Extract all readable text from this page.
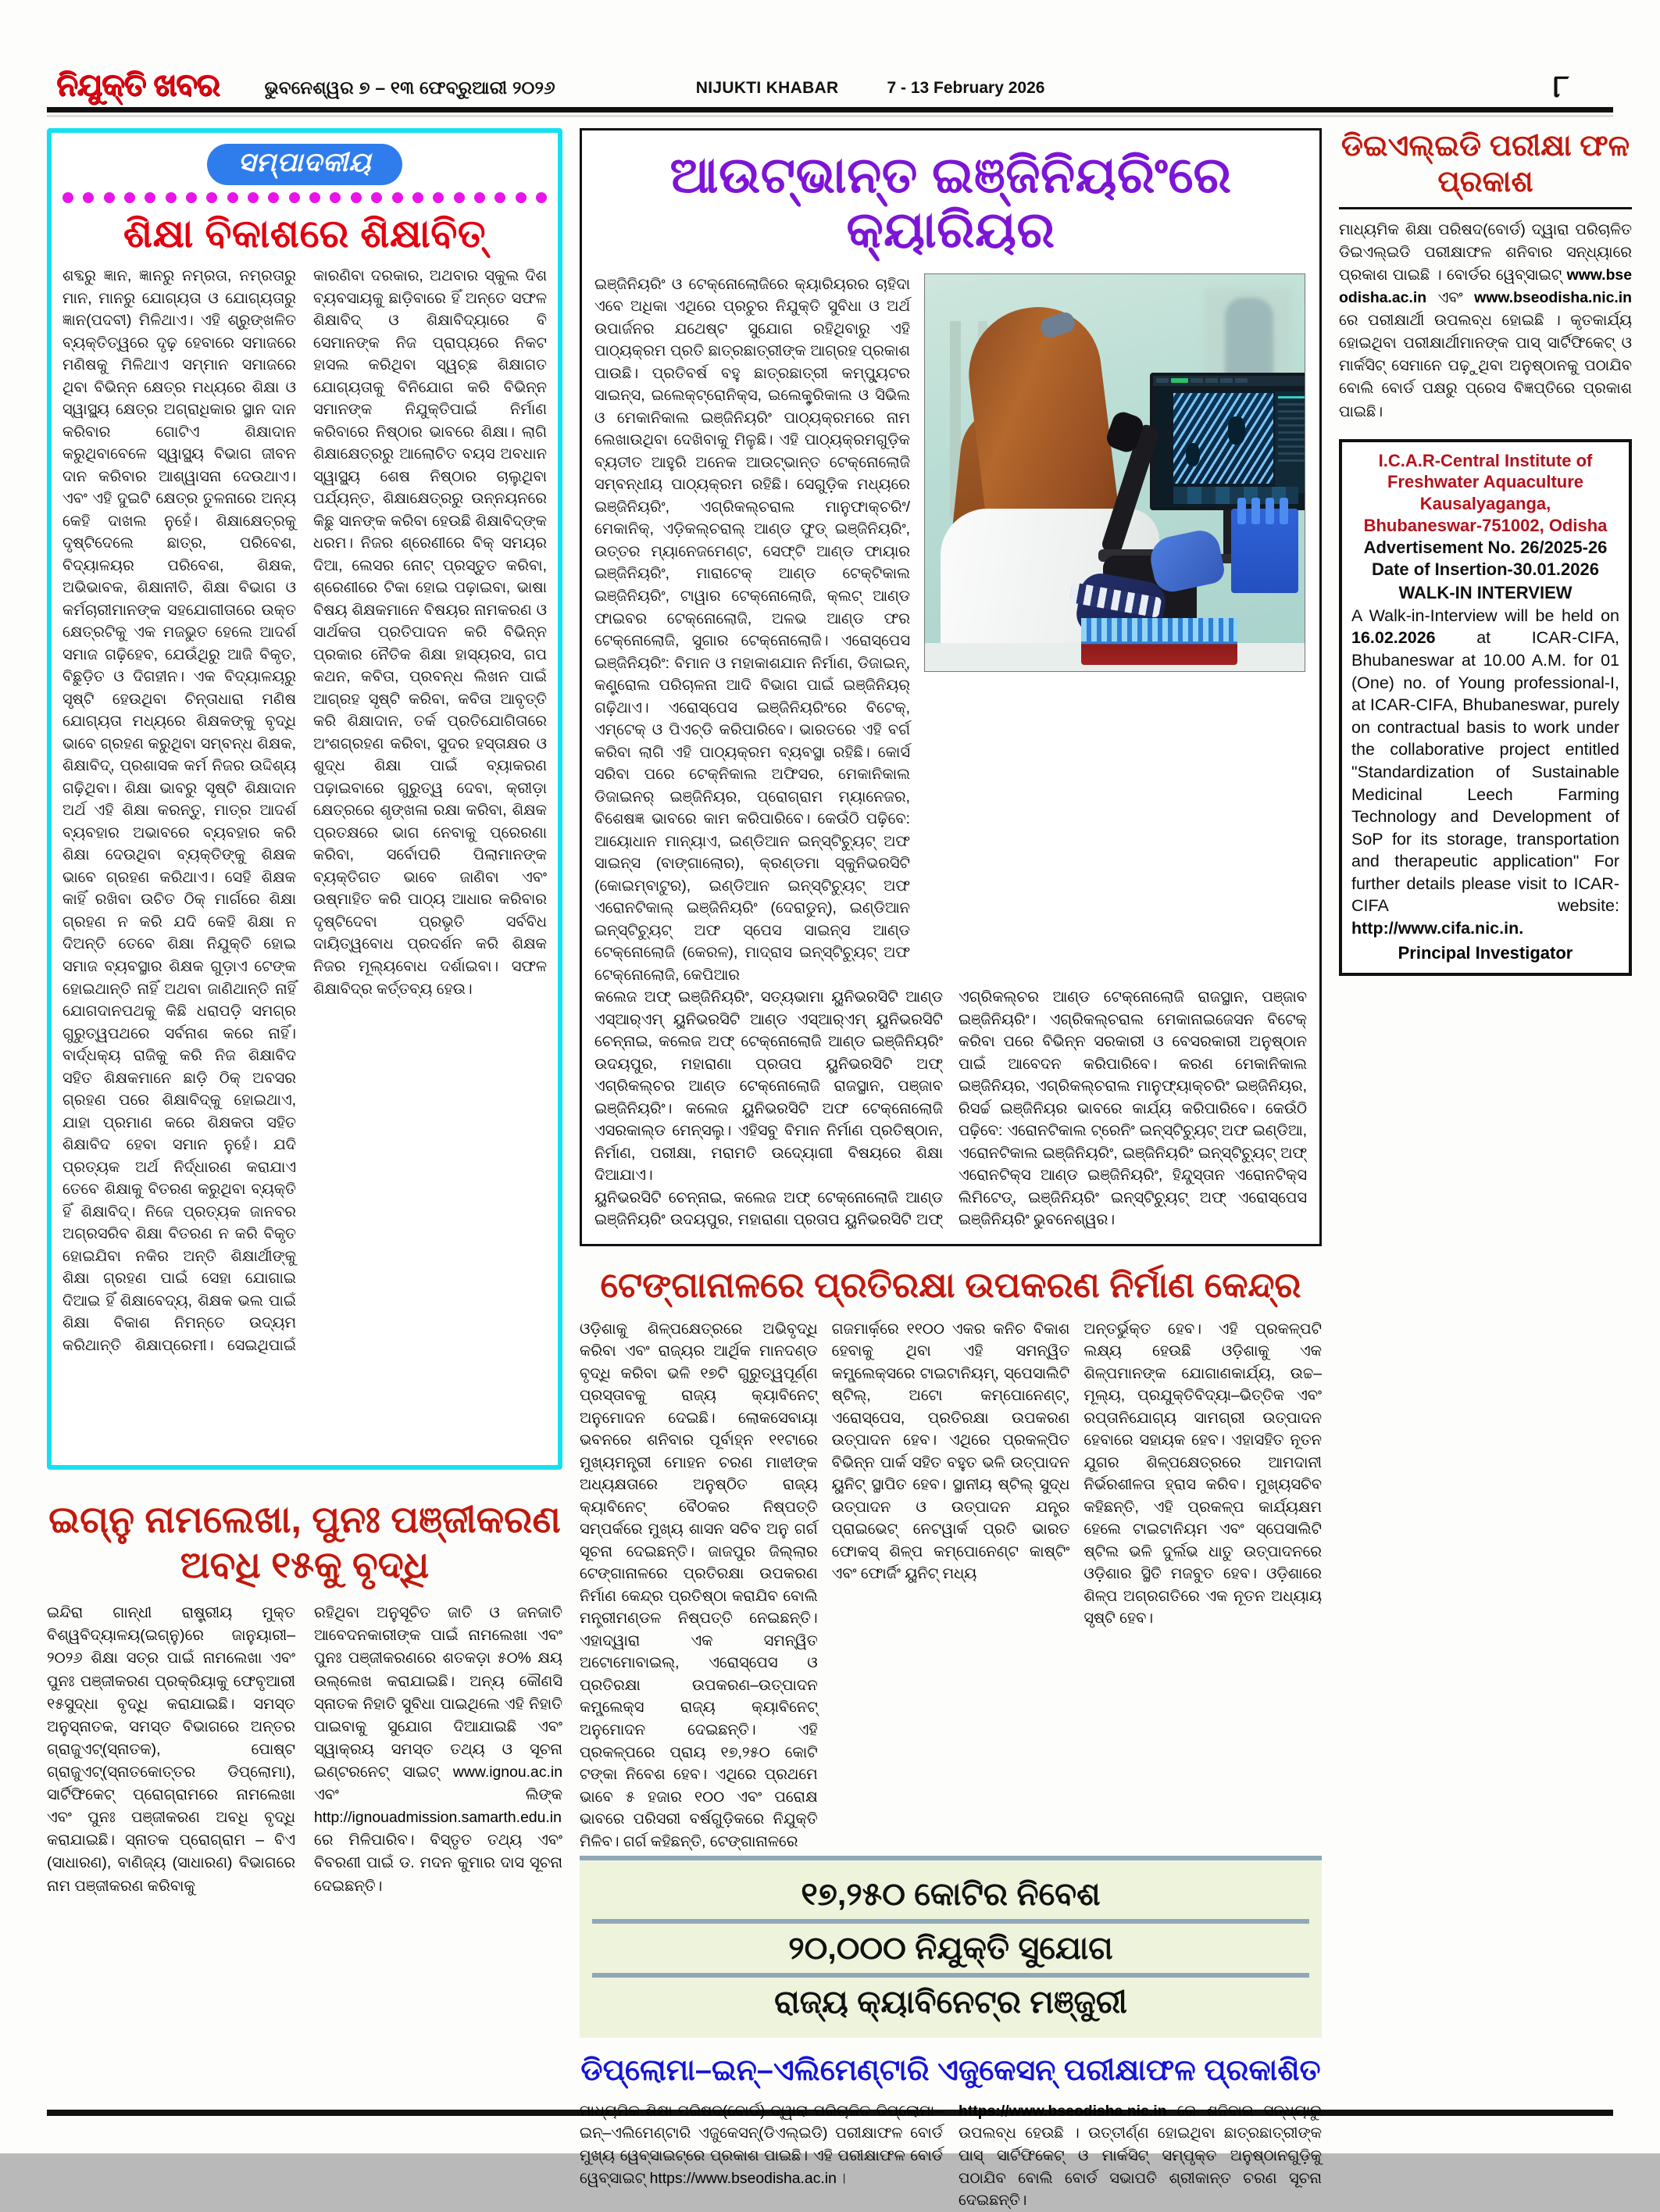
ନିଯୁକ୍ତି ଖବର	ଭୁବନେଶ୍ୱର ୭ – ୧୩ ଫେବ୍ରୁଆରୀ ୨୦୨୬	NIJUKTI KHABAR	7 - 13 February 2026	୮
ସମ୍ପାଦକୀୟ
ଶିକ୍ଷା ବିକାଶରେ ଶିକ୍ଷାବିତ୍

ଶବ୍ଦରୁ ଜ୍ଞାନ, ଜ୍ଞାନରୁ ନମ୍ରତା, ନମ୍ରତାରୁ ମାନ, ମାନରୁ ଯୋଗ୍ୟତା ଓ ଯୋଗ୍ୟତାରୁ ଜ୍ଞାନ(ପଦବୀ) ମିଳିଥାଏ। ଏହି ଶ୍ରୁଙ୍ଖଳିତ ବ୍ୟକ୍ତିତ୍ୱରେ ଦୃଢ଼ ହେବାରେ ସମାଜରେ ମଣିଷକୁ ମିଳିଥାଏ ସମ୍ମାନ ସମାଜରେ ଥିବା ବିଭିନ୍ନ କ୍ଷେତ୍ର ମଧ୍ୟରେ ଶିକ୍ଷା ଓ ସ୍ୱାସ୍ଥ୍ୟ କ୍ଷେତ୍ର ଅଗ୍ରାଧିକାର ସ୍ଥାନ ଦାନ କରିବାର ଗୋଟିଏ ଶିକ୍ଷାଦାନ କରୁଥିବାବେଳେ ସ୍ୱାସ୍ଥ୍ୟ ବିଭାଗ ଜୀବନ ଦାନ କରିବାର ଆଶ୍ୱାସନା ଦେଉଥାଏ। ଏବଂ ଏହି ଦୁଇଟି କ୍ଷେତ୍ର ତୁଳନାରେ ଅନ୍ୟ କେହି ଦାଖଲ ନୁହେଁ। ଶିକ୍ଷାକ୍ଷେତ୍ରକୁ ଦୃଷ୍ଟିଦେଲେ ଛାତ୍ର, ପରିବେଶ, ବିଦ୍ୟାଳୟର ପରିବେଶ, ଶିକ୍ଷକ, ଅଭିଭାବକ, ଶିକ୍ଷାନୀତି, ଶିକ୍ଷା ବିଭାଗ ଓ କର୍ମଚାରୀମାନଙ୍କ ସହଯୋଗୀତାରେ ଉକ୍ତ କ୍ଷେତ୍ରଟିକୁ ଏକ ମଜଭୁତ ହେଲେ ଆଦର୍ଶ ସମାଜ ଗଢ଼ିହେବ, ଯେଉଁଥିରୁ ଆଜି ବିକୃତ, ବିଛୁଡ଼ିତ ଓ ଦିଗହୀନ। ଏକ ବିଦ୍ୟାଳୟରୁ ସୃଷ୍ଟି ହେଉଥିବା ଚିନ୍ତାଧାରା ମଣିଷ ଯୋଗ୍ୟତା ମଧ୍ୟରେ ଶିକ୍ଷକଙ୍କୁ ବୃଦ୍ଧି ଭାବେ ଗ୍ରହଣ କରୁଥିବା ସମ୍ବନ୍ଧ ଶିକ୍ଷକ, ଶିକ୍ଷାବିଦ୍, ପ୍ରଶାସକ କର୍ମ ନିଜର ଉଦ୍ଦିଶ୍ୟ ଗଢ଼ିଥିବା। ଶିକ୍ଷା ଭାବରୁ ସୃଷ୍ଟି ଶିକ୍ଷାଦାନ ଅର୍ଥ ଏହି ଶିକ୍ଷା କରନ୍ତୁ, ମାତ୍ର ଆଦର୍ଶ ବ୍ୟବହାର ଅଭାବରେ ବ୍ୟବହାର କରି ଶିକ୍ଷା ଦେଉଥିବା ବ୍ୟକ୍ତିଙ୍କୁ ଶିକ୍ଷକ ଭାବେ ଗ୍ରହଣ କରିଥାଏ। ସେହି ଶିକ୍ଷକ କାହିଁ ରଖିବା ଉଚିତ ଠିକ୍ ମାର୍ଗରେ ଶିକ୍ଷା ଗ୍ରହଣ ନ କରି ଯଦି କେହି ଶିକ୍ଷା ନ ଦିଅନ୍ତି ତେବେ ଶିକ୍ଷା ନିଯୁକ୍ତି ହୋଇ ସମାଜ ବ୍ୟବସ୍ଥାର ଶିକ୍ଷକ ଗୁଡ଼ାଏ ଟେଙ୍କ ହୋଇଥାନ୍ତି ନାହିଁ ଅଥବା ଜାଣିଥାନ୍ତି ନାହିଁ ଯୋଗଦାନପଥକୁ କିଛି ଧରାପଡ଼ି ସମଗ୍ର ଗୁରୁତ୍ୱପଥରେ ସର୍ବନାଶ କରେ ନାହିଁ। ବାର୍ଦ୍ଧକ୍ୟ ରାଜିକୁ କରି ନିଜ ଶିକ୍ଷାବିଦ ସହିତ ଶିକ୍ଷକମାନେ ଛାଡ଼ି ଠିକ୍ ଅବସର ଗ୍ରହଣ ପରେ ଶିକ୍ଷାବିଦ୍‌କୁ ହୋଇଥାଏ, ଯାହା ପ୍ରମାଣ କରେ ଶିକ୍ଷକତା ସହିତ ଶିକ୍ଷାବିଦ ହେବା ସମାନ ନୁହେଁ। ଯଦି ପ୍ରତ୍ୟକ ଅର୍ଥ ନିର୍ଦ୍ଧାରଣ କରାଯାଏ ତେବେ ଶିକ୍ଷାକୁ ବିତରଣ କରୁଥିବା ବ୍ୟକ୍ତି ହିଁ ଶିକ୍ଷାବିଦ୍‌। ନିଜେ ପ୍ରତ୍ୟକ ଜାନବର ଅଗ୍ରସରିବ ଶିକ୍ଷା ବିତରଣ ନ କରି ବିକୃତ ହୋଇଯିବା ନକିର ଅନ୍ତି ଶିକ୍ଷାର୍ଥୀଙ୍କୁ ଶିକ୍ଷା ଗ୍ରହଣ ପାଇଁ ସେହା ଯୋଗାଇ ଦିଆଇ ହିଁ ଶିକ୍ଷାବେଦ୍ୟ, ଶିକ୍ଷକ ଭଲ ପାଇଁ ଶିକ୍ଷା ବିକାଶ ନିମନ୍ତେ ଉଦ୍ୟମ କରିଥାନ୍ତି ଶିକ୍ଷାପ୍ରେମୀ। ସେଇଥିପାଇଁ କାରଣିବା ଦରକାର, ଅଥବାର ସ୍କୁଲ ଦିଶ ବ୍ୟବସାୟକୁ ଛାଡ଼ିବାରେ ହିଁ ଅନ୍ତେ ସଫଳ ଶିକ୍ଷାବିଦ୍ ଓ ଶିକ୍ଷାବିଦ୍ୟାରେ ବି ସେମାନଙ୍କ ନିଜ ପ୍ରାପ୍ୟରେ ନିକଟ ହାସଲ କରିଥିବା ସ୍ୱଚ୍ଛ ଶିକ୍ଷାଗତ ଯୋଗ୍ୟତାକୁ ବିନିଯୋଗ କରି ବିଭିନ୍ନ ସମାନଙ୍କ ନିଯୁକ୍ତିପାଇଁ ନିର୍ମାଣ କରିବାରେ ନିଷ୍ଠାର ଭାବରେ ଶିକ୍ଷା। ଲାଗି ଶିକ୍ଷାକ୍ଷେତ୍ରରୁ ଆଲୋଚିତ ବୟସ ଅବଧାନ ସ୍ୱାସ୍ଥ୍ୟ ଶେଷ ନିଷ୍ଠାର ଚାଲୁଥିବା ପର୍ଯ୍ୟନ୍ତ, ଶିକ୍ଷାକ୍ଷେତ୍ରରୁ ଉନ୍ନୟନରେ କିଛୁ ସାନଙ୍କ କରିବା ହେଉଛି ଶିକ୍ଷାବିଦ୍‌ଙ୍କ ଧରମ। ନିଜର ଶ୍ରେଣୀରେ ବିକ୍ ସମୟର ଦିଆ, ଲେସର ନୋଟ୍ ପ୍ରସ୍ତୁତ କରିବା, ଶ୍ରେଣୀରେ ଟିକା ହୋଇ ପଢ଼ାଇବା, ଭାଷା ବିଷୟ ଶିକ୍ଷକମାନେ ବିଷୟର ନାମକରଣ ଓ ସାର୍ଥକତା ପ୍ରତିପାଦନ କରି ବିଭିନ୍ନ ପ୍ରକାର ନୈତିକ ଶିକ୍ଷା ହାସ୍ୟରସ, ଗପ କଥନ, କବିତା, ପ୍ରବନ୍ଧ ଲିଖନ ପାଇଁ ଆଗ୍ରହ ସୃଷ୍ଟି କରିବା, କବିତା ଆବୃତ୍ତି କରି ଶିକ୍ଷାଦାନ, ତର୍କ ପ୍ରତିଯୋଗିତାରେ ଅଂଶଗ୍ରହଣ କରିବା, ସୁଦର ହସ୍ତାକ୍ଷର ଓ ଶୁଦ୍ଧ ଶିକ୍ଷା ପାଇଁ ବ୍ୟାକରଣ ପଢ଼ାଇବାରେ ଗୁରୁତ୍ୱ ଦେବା, କ୍ରୀଡ଼ା କ୍ଷେତ୍ରରେ ଶୃଙ୍ଖଳା ରକ୍ଷା କରିବା, ଶିକ୍ଷକ ପ୍ରତକ୍ଷରେ ଭାଗ ନେବାକୁ ପ୍ରେରଣା କରିବା, ସର୍ବୋପରି ପିଲାମାନଙ୍କ ବ୍ୟକ୍ତିଗତ ଭାବେ ଜାଣିବା ଏବଂ ଉଷ୍ମାହିତ କରି ପାଠ୍ୟ ଆଧାର କରିବାର ଦୃଷ୍ଟିଦେବା ପ୍ରଭୃତି ସର୍ବବିଧ ଦାୟିତ୍ୱବୋଧ ପ୍ରଦର୍ଶନ କରି ଶିକ୍ଷକ ନିଜର ମୂଲ୍ୟବୋଧ ଦର୍ଶାଇବା। ସଫଳ ଶିକ୍ଷାବିଦ୍‌ର କର୍ତ୍ତବ୍ୟ ହେଉ।

ଇଗ୍ନୁ ନାମଲେଖା, ପୁନଃ ପଞ୍ଜୀକରଣ ଅବଧି ୧୫କୁ ବୃଦ୍ଧି

ଇନ୍ଦିରା ଗାନ୍ଧୀ ରାଷ୍ଟ୍ରୀୟ ମୁକ୍ତ ବିଶ୍ୱବିଦ୍ୟାଳୟ(ଇଗ୍ନୁ)ରେ ଜାନୁୟାରୀ–୨୦୨୬ ଶିକ୍ଷା ସତ୍ର ପାଇଁ ନାମଲେଖା ଏବଂ ପୁନଃ ପଞ୍ଜୀକରଣ ପ୍ରକ୍ରିୟାକୁ ଫେବୃଆରୀ ୧୫ସୁଦ୍ଧା ବୃଦ୍ଧି କରାଯାଇଛି। ସମସ୍ତ ଅନୁସ୍ନାତକ, ସମସ୍ତ ବିଭାଗରେ ଅନ୍ତର ଗ୍ରାଜୁଏଟ୍(ସ୍ନାତକ), ପୋଷ୍ଟ ଗ୍ରାଜୁଏଟ୍(ସ୍ନାତକୋତ୍ତର ଡିପ୍ଲୋମା), ସାର୍ଟିଫିକେଟ୍ ପ୍ରୋଗ୍ରାମରେ ନାମଲେଖା ଏବଂ ପୁନଃ ପଞ୍ଜୀକରଣ ଅବଧି ବୃଦ୍ଧି କରାଯାଇଛି। ସ୍ନାତକ ପ୍ରୋଗ୍ରାମ – ବିଏ (ସାଧାରଣ), ବାଣିଜ୍ୟ (ସାଧାରଣ) ବିଭାଗରେ ନାମ ପଞ୍ଜୀକରଣ କରିବାକୁ

ରହିଥିବା ଅନୁସୂଚିତ ଜାତି ଓ ଜନଜାତି ଆବେଦନକାରୀଙ୍କ ପାଇଁ ନାମଲେଖା ଏବଂ ପୁନଃ ପଞ୍ଜୀକରଣରେ ଶତକଡ଼ା ୫୦% କ୍ଷୟ ଉଲ୍ଲେଖ କରାଯାଇଛି। ଅନ୍ୟ କୌଣସି ସ୍ନାତକ ନିହାତି ସୁବିଧା ପାଇଥିଲେ ଏହି ନିହାତି ପାଇବାକୁ ସୁଯୋଗ ଦିଆଯାଇଛି ଏବଂ ସ୍ୱାକ୍ରୟ ସମସ୍ତ ତଥ୍ୟ ଓ ସୂଚନା ଇଣ୍ଟରନେଟ୍ ସାଇଟ୍ www.ignou.ac.in ଏବଂ ଲିଙ୍କ http://ignouadmission.samarth.edu.in ରେ ମିଳିପାରିବ। ବିସ୍ତୃତ ତଥ୍ୟ ଏବଂ ବିବରଣୀ ପାଇଁ ଡ. ମଦନ କୁମାର ଦାସ ସୂଚନା ଦେଇଛନ୍ତି।

ଆଉଟ୍‌ଭାନ୍ତ ଇଞ୍ଜିନିୟରିଂରେ କ୍ୟାରିୟର
ଇଞ୍ଜିନିୟରିଂ ଓ ଟେକ୍ନୋଲୋଜିରେ କ୍ୟାରିୟରର ଚାହିଦା ଏବେ ଅଧିକା ଏଥିରେ ପ୍ରଚୁର ନିଯୁକ୍ତି ସୁବିଧା ଓ ଅର୍ଥ ଉପାର୍ଜନର ଯଥେଷ୍ଟ ସୁଯୋଗ ରହିଥିବାରୁ ଏହି ପାଠ୍ୟକ୍ରମ ପ୍ରତି ଛାତ୍ରଛାତ୍ରୀଙ୍କ ଆଗ୍ରହ ପ୍ରକାଶ ପାଉଛି। ପ୍ରତିବର୍ଷ ବହୁ ଛାତ୍ରଛାତ୍ରୀ କମ୍ପ୍ୟୁଟର ସାଇନ୍ସ, ଇଲେକ୍‌ଟ୍ରୋନିକ୍ସ, ଇଲେକ୍ଟ୍ରିକାଲ ଓ ସିଭିଲ ଓ ମେକାନିକାଲ ଇଞ୍ଜିନିୟରିଂ ପାଠ୍ୟକ୍ରମରେ ନାମ ଲେଖାଉଥିବା ଦେଖିବାକୁ ମିଳୁଛି। ଏହି ପାଠ୍ୟକ୍ରମଗୁଡ଼ିକ ବ୍ୟତୀତ ଆହୁରି ଅନେକ ଆଉଟ୍‌ଭାନ୍ତ ଟେକ୍ନୋଲୋଜି ସମ୍ବନ୍ଧୀୟ ପାଠ୍ୟକ୍ରମ ରହିଛି। ସେଗୁଡ଼ିକ ମଧ୍ୟରେ ଇଞ୍ଜିନିୟରିଂ, ଏଗ୍ରିକଲ୍ଚରାଲ ମାନୁଫାକ୍ଚରିଂ/ମେକାନିକ୍‌, ଏଡ଼ିକଲ୍ଚରାଲ୍ ଆଣ୍ଡ ଫୁଡ୍ ଇଞ୍ଜିନିୟରିଂ, ଉତ୍ତର ମ୍ୟାନେଜମେଣ୍ଟ, ସେଫ୍‌ଟି ଆଣ୍ଡ ଫାୟାର ଇଞ୍ଜିନିୟରିଂ, ମାରାଟେକ୍ ଆଣ୍ଡ ଟେକ୍ଟିକାଲ ଇଞ୍ଜିନିୟରିଂ, ଟାୱାର ଟେକ୍ନୋଲୋଜି, କ୍ଲଟ୍ ଆଣ୍ଡ ଫାଇବର ଟେକ୍ନୋଲୋଜି, ଅଳଭ ଆଣ୍ଡ ଫର ଟେକ୍ନୋଲୋଜି, ସୁଗାର ଟେକ୍ନୋଲୋଜି। ଏରୋସ୍ପେସ ଇଞ୍ଜିନିୟରିଂ: ବିମାନ ଓ ମହାକାଶଯାନ ନିର୍ମାଣ, ଡିଜାଇନ୍‌, କଣ୍ଟ୍ରୋଲ ପରିଚାଳନା ଆଦି ବିଭାଗ ପାଇଁ ଇଞ୍ଜିନିୟର୍ ଗଢ଼ିଥାଏ। ଏରୋସ୍ପେସ ଇଞ୍ଜିନିୟରିଂରେ ବିଟେକ୍‌, ଏମ୍‌ଟେକ୍ ଓ ପିଏଚ୍‌ଡି କରିପାରିବେ। ଭାରତରେ ଏହି ବର୍ଗ କରିବା ଲାଗି ଏହି ପାଠ୍ୟକ୍ରମ ବ୍ୟବସ୍ଥା ରହିଛି। କୋର୍ସ ସରିବା ପରେ ଟେକ୍ନିକାଲ ଅଫିସର, ମେକାନିକାଲ ଡିଜାଇନର୍ ଇଞ୍ଜିନିୟର, ପ୍ରୋଗ୍ରାମ ମ୍ୟାନେଜର, ବିଶେଷଜ୍ଞ ଭାବରେ କାମ କରିପାରିବେ। କେଉଁଠି ପଢ଼ିବେ: ଆୟୋଧାନ ମାନ୍ୟାଏ, ଇଣ୍ଡିଆନ ଇନ୍‌ସ୍ଟିଚ୍ୟୁଟ୍ ଅଫ ସାଇନ୍ସ (ବାଙ୍ଗାଲୋର), କ୍ରଣ୍ଡମା ସ୍କୁନିଭରସିଟି (କୋଇମ୍ବାଟୁର), ଇଣ୍ଡିଆନ ଇନ୍‌ସ୍ଟିଚ୍ୟୁଟ୍ ଅଫ ଏରୋନଟିକାଲ୍ ଇଞ୍ଜିନିୟରିଂ (ଦେରାଡୁନ୍‌), ଇଣ୍ଡିଆନ ଇନ୍‌ସ୍ଟିଚ୍ୟୁଟ୍ ଅଫ ସ୍ପେସ ସାଇନ୍ସ ଆଣ୍ଡ ଟେକ୍ନୋଲୋଜି (କେରଳ), ମାଦ୍ରାସ ଇନ୍‌ସ୍ଟିଚ୍ୟୁଟ୍ ଅଫ ଟେକ୍ନୋଲୋଜି, କେପିଆର

କଲେଜ ଅଫ୍ ଇଞ୍ଜିନିୟରିଂ, ସତ୍ୟଭାମା ୟୁନିଭରସିଟି ଆଣ୍ଡ ଏସ୍‌ଆର୍‌ଏମ୍‌ ୟୁନିଭରସିଟି ଆଣ୍ଡ ଏସ୍‌ଆର୍‌ଏମ୍‌ ୟୁନିଭରସିଟି ଚେନ୍ନାଇ, କଲେଜ ଅଫ୍ ଟେକ୍ନୋଲୋଜି ଆଣ୍ଡ ଇଞ୍ଜିନିୟରିଂ ଉଦୟପୁର, ମହାରାଣା ପ୍ରତାପ ୟୁନିଭରସିଟି ଅଫ୍ ଏଗ୍ରିକଲ୍ଚର ଆଣ୍ଡ ଟେକ୍ନୋଲୋଜି ରାଜସ୍ଥାନ, ପଞ୍ଜାବ ଇଞ୍ଜିନିୟରିଂ। କଲେଜ ୟୁନିଭରସିଟି ଅଫ ଟେକ୍ନୋଲୋଜି ଏସରକାଲ୍ଡ ମେନ୍ସଲୁ। ଏହିସବୁ ବିମାନ ନିର୍ମାଣ ପ୍ରତିଷ୍ଠାନ, ନିର୍ମାଣ, ପରୀକ୍ଷା, ମରାମତି ଉଦ୍ୟୋଗୀ ବିଷୟରେ ଶିକ୍ଷା ଦିଆଯାଏ।

ୟୁନିଭରସିଟି ଚେନ୍ନାଇ, କଲେଜ ଅଫ୍ ଟେକ୍ନୋଲୋଜି ଆଣ୍ଡ ଇଞ୍ଜିନିୟରିଂ ଉଦୟପୁର, ମହାରାଣା ପ୍ରତାପ ୟୁନିଭରସିଟି ଅଫ୍ ଏଗ୍ରିକଲ୍ଚର ଆଣ୍ଡ ଟେକ୍ନୋଲୋଜି ରାଜସ୍ଥାନ, ପଞ୍ଜାବ ଇଞ୍ଜିନିୟରିଂ। ଏଗ୍ରିକଲ୍ଚରାଲ ମେକାନାଇଜେସନ ବିଟେକ୍ କରିବା ପରେ ବିଭିନ୍ନ ସରକାରୀ ଓ ବେସରକାରୀ ଅନୁଷ୍ଠାନ ପାଇଁ ଆବେଦନ କରିପାରିବେ। କରଣ ମେକାନିକାଲ ଇଞ୍ଜିନିୟର, ଏଗ୍ରିକଲ୍ଚରାଲ ମାନୁଫ୍ୟାକ୍ଚରିଂ ଇଞ୍ଜିନିୟର, ରିସର୍ଚ୍ଚ ଇଞ୍ଜିନିୟର ଭାବରେ କାର୍ଯ୍ୟ କରିପାରିବେ। କେଉଁଠି ପଢ଼ିବେ: ଏରୋନଟିକାଲ ଟ୍ରେନିଂ ଇନ୍‌ସ୍ଟିଚ୍ୟୁଟ୍ ଅଫ ଇଣ୍ଡିଆ, ଏରୋନଟିକାଲ ଇଞ୍ଜିନିୟରିଂ, ଇଞ୍ଜିନିୟରିଂ ଇନ୍‌ସ୍ଟିଚ୍ୟୁଟ୍ ଅଫ୍ ଏରୋନଟିକ୍‌ସ ଆଣ୍ଡ ଇଞ୍ଜିନିୟରିଂ, ହିନ୍ଦୁସ୍ତାନ ଏରୋନଟିକ୍‌ସ ଲିମିଟେଡ୍, ଇଞ୍ଜିନିୟରିଂ ଇନ୍‌ସ୍ଟିଚ୍ୟୁଟ୍ ଅଫ୍ ଏରୋସ୍ପେସ ଇଞ୍ଜିନିୟରିଂ ଭୁବନେଶ୍ୱର।

ଟେଙ୍ଗାନାଳରେ ପ୍ରତିରକ୍ଷା ଉପକରଣ ନିର୍ମାଣ କେନ୍ଦ୍ର
ଓଡ଼ିଶାକୁ ଶିଳ୍ପକ୍ଷେତ୍ରରେ ଅଭିବୃଦ୍ଧି କରିବା ଏବଂ ରାଜ୍ୟର ଆର୍ଥିକ ମାନଦଣ୍ଡ ବୃଦ୍ଧି କରିବା ଭଳି ୧୭ଟି ଗୁରୁତ୍ୱପୂର୍ଣ୍ଣ ପ୍ରସ୍ତାବକୁ ରାଜ୍ୟ କ୍ୟାବିନେଟ୍ ଅନୁମୋଦନ ଦେଇଛି। ଲୋକସେବାୟା ଭବନରେ ଶନିବାର ପୂର୍ବାହ୍ନ ୧୧ଟାରେ ମୁଖ୍ୟମନ୍ତ୍ରୀ ମୋହନ ଚରଣ ମାଝୀଙ୍କ ଅଧ୍ୟକ୍ଷତାରେ ଅନୁଷ୍ଠିତ ରାଜ୍ୟ କ୍ୟାବିନେଟ୍ ବୈଠକର ନିଷ୍ପତ୍ତି ସମ୍ପର୍କରେ ମୁଖ୍ୟ ଶାସନ ସଚିବ ଅନୁ ଗର୍ଗ ସୂଚନା ଦେଇଛନ୍ତି। ଜାଜପୁର ଜିଲ୍ଲାର ଟେଙ୍ଗାନାଳରେ ପ୍ରତିରକ୍ଷା ଉପକରଣ ନିର୍ମାଣ କେନ୍ଦ୍ର ପ୍ରତିଷ୍ଠା କରାଯିବ ବୋଲି ମନ୍ତ୍ରୀମଣ୍ଡଳ ନିଷ୍ପତ୍ତି ନେଇଛନ୍ତି। ଏହାଦ୍ୱାରା ଏକ ସମନ୍ୱିତ ଅଟୋମୋବାଇଲ୍, ଏରୋସ୍ପେସ ଓ ପ୍ରତିରକ୍ଷା ଉପକରଣ–ଉତ୍ପାଦନ କମ୍ପ୍ଲେକ୍ସ ରାଜ୍ୟ କ୍ୟାବିନେଟ୍ ଅନୁମୋଦନ ଦେଇଛନ୍ତି। ଏହି ପ୍ରକଳ୍ପରେ ପ୍ରାୟ ୧୭,୨୫୦ କୋଟି ଟଙ୍କା ନିବେଶ ହେବ। ଏଥିରେ ପ୍ରଥମେ ଭାବେ ୫ ହଜାର ୧୦୦ ଏବଂ ପରୋକ୍ଷ ଭାବରେ ପରିସରୀ ବର୍ଷଗୁଡ଼ିକରେ ନିଯୁକ୍ତି ମିଳିବ। ଗର୍ଗ କହିଛନ୍ତି, ଟେଙ୍ଗାନାଳରେ
ଗଜମାର୍କ଼ରେ ୧୧୦୦ ଏକର କନିଚ ବିକାଶ ହେବାକୁ ଥିବା ଏହି ସମନ୍ୱିତ କମ୍ପ୍ଲେକ୍ସରେ ଟାଇଟାନିୟମ୍, ସ୍ପେସାଲିଟି ଷ୍ଟିଲ୍, ଅଟୋ କମ୍ପୋନେଣ୍ଟ୍, ଏରୋସ୍ପେସ, ପ୍ରତିରକ୍ଷା ଉପକରଣ ଉତ୍ପାଦନ ହେବ। ଏଥିରେ ପ୍ରକଳ୍ପିତ ବିଭିନ୍ନ ପାର୍କ ସହିତ ବହୁତ ଭଳି ଉତ୍ପାଦନ ୟୁନିଟ୍ ସ୍ଥାପିତ ହେବ। ସ୍ଥାନୀୟ ଷ୍ଟିଲ୍ ସୁଦ୍ଧ ଉତ୍ପାଦନ ଓ ଉତ୍ପାଦନ ଯନ୍ତ୍ର ପ୍ରାଇଭେଟ୍ ନେଟୱାର୍କ ପ୍ରତି ଭାରତ ଫୋକସ୍ ଶିଳ୍ପ କମ୍ପୋନେଣ୍ଟ କାଷ୍ଟିଂ ଏବଂ ଫୋର୍ଜିଂ ୟୁନିଟ୍ ମଧ୍ୟ
ଅନ୍ତର୍ଭୁକ୍ତ ହେବ। ଏହି ପ୍ରକଳ୍ପଟି ଲକ୍ଷ୍ୟ ହେଉଛି ଓଡ଼ିଶାକୁ ଏକ ଶିଳ୍ପମାନଙ୍କ ଯୋଗାଣକାର୍ଯ୍ୟ, ଉଚ୍ଚ–ମୂଲ୍ୟ, ପ୍ରଯୁକ୍ତିବିଦ୍ୟା–ଭିତ୍ତିକ ଏବଂ ରପ୍ତାନିଯୋଗ୍ୟ ସାମଗ୍ରୀ ଉତ୍ପାଦନ ହେବାରେ ସହାୟକ ହେବ। ଏହାସହିତ ନୂତନ ଯୁଗର ଶିଳ୍ପକ୍ଷେତ୍ରରେ ଆମଦାନୀ ନିର୍ଭରଶୀଳତା ହ୍ରାସ କରିବ। ମୁଖ୍ୟସଚିବ କହିଛନ୍ତି, ଏହି ପ୍ରକଳ୍ପ କାର୍ଯ୍ୟକ୍ଷମ ହେଲେ ଟାଇଟାନିୟମ ଏବଂ ସ୍ପେସାଲିଟି ଷ୍ଟିଲ ଭଳି ଦୁର୍ଲଭ ଧାତୁ ଉତ୍ପାଦନରେ ଓଡ଼ିଶାର ସ୍ଥିତି ମଜବୁତ ହେବ। ଓଡ଼ିଶାରେ ଶିଳ୍ପ ଅଗ୍ରଗତିରେ ଏକ ନୂତନ ଅଧ୍ୟାୟ ସୃଷ୍ଟି ହେବ।
୧୭,୨୫୦ କୋଟିର ନିବେଶ
୨୦,୦୦୦ ନିଯୁକ୍ତି ସୁଯୋଗ
ରାଜ୍ୟ କ୍ୟାବିନେଟ୍‌ର ମଞ୍ଜୁରୀ
ଡିପ୍ଲୋମା–ଇନ୍–ଏଲିମେଣ୍ଟାରି ଏଜୁକେସନ୍ ପରୀକ୍ଷାଫଳ ପ୍ରକାଶିତ
ମାଧ୍ୟମିକ ଶିକ୍ଷା ପରିଷଦ(ବୋର୍ଡ) ଦ୍ୱାରା ପରିଚାଳିତ ଡିପ୍ଲୋମା–ଇନ୍–ଏଲିମେଣ୍ଟାରି ଏଜୁକେସନ୍(ଡିଏଲ୍‌ଇଡି) ପରୀକ୍ଷାଫଳ ବୋର୍ଡ ମୁଖ୍ୟ ୱେବ୍‌ସାଇଟ୍‌ରେ ପ୍ରକାଶ ପାଇଛି। ଏହି ପରୀକ୍ଷାଫଳ ବୋର୍ଡ ୱେବ୍‌ସାଇଟ୍ https://www.bseodisha.ac.in ।
https://www.bseodisha.nic.in ରେ ଶନିବାର ସନ୍ଧ୍ୟାରୁ ଉପଲବ୍ଧ ହେଉଛି । ଉତ୍ତୀର୍ଣ୍ଣ ହୋଇଥିବା ଛାତ୍ରଛାତ୍ରୀଙ୍କ ପାସ୍ ସାର୍ଟିଫିକେଟ୍ ଓ ମାର୍କସିଟ୍ ସମ୍ପୃକ୍ତ ଅନୁଷ୍ଠାନଗୁଡ଼ିକୁ ପଠାଯିବ ବୋଲି ବୋର୍ଡ ସଭାପତି ଶ୍ରୀକାନ୍ତ ଚରଣ ସୂଚନା ଦେଇଛନ୍ତି।
ଡିଇଏଲ୍‌ଇଡି ପରୀକ୍ଷା ଫଳ ପ୍ରକାଶ
ମାଧ୍ୟମିକ ଶିକ୍ଷା ପରିଷଦ(ବୋର୍ଡ) ଦ୍ୱାରା ପରିଚାଳିତ ଡିଇଏଲ୍‌ଇଡି ପରୀକ୍ଷାଫଳ ଶନିବାର ସନ୍ଧ୍ୟାରେ ପ୍ରକାଶ ପାଇଛି । ବୋର୍ଡର ୱେବ୍‌ସାଇଟ୍ www.bseodisha.ac.in ଏବଂ www.bseodisha.nic.in ରେ ପରୀକ୍ଷାର୍ଥୀ ଉପଲବ୍ଧ ହୋଇଛି । କୃତକାର୍ଯ୍ୟ ହୋଇଥିବା ପରୀକ୍ଷାର୍ଥୀମାନଙ୍କ ପାସ୍ ସାର୍ଟିଫିକେଟ୍ ଓ ମାର୍କସିଟ୍ ସେମାନେ ପଢ଼ୁଥିବା ଅନୁଷ୍ଠାନକୁ ପଠାଯିବ ବୋଲି ବୋର୍ଡ ପକ୍ଷରୁ ପ୍ରେସ ବିଜ୍ଞପ୍ତିରେ ପ୍ରକାଶ ପାଇଛି।
I.C.A.R-Central Institute of
Freshwater Aquaculture
Kausalyaganga,
Bhubaneswar-751002, Odisha
Advertisement No. 26/2025-26
Date of Insertion-30.01.2026
WALK-IN INTERVIEW
A Walk-in-Interview will be held on 16.02.2026 at ICAR-CIFA, Bhubaneswar at 10.00 A.M. for 01 (One) no. of Young professional-I, at ICAR-CIFA, Bhubaneswar, purely on contractual basis to work under the collaborative project entitled "Standardization of Sustainable Medicinal Leech Farming Technology and Development of SoP for its storage, transportation and therapeutic application" For further details please visit to ICAR-CIFA website: http://www.cifa.nic.in.
Principal Investigator
